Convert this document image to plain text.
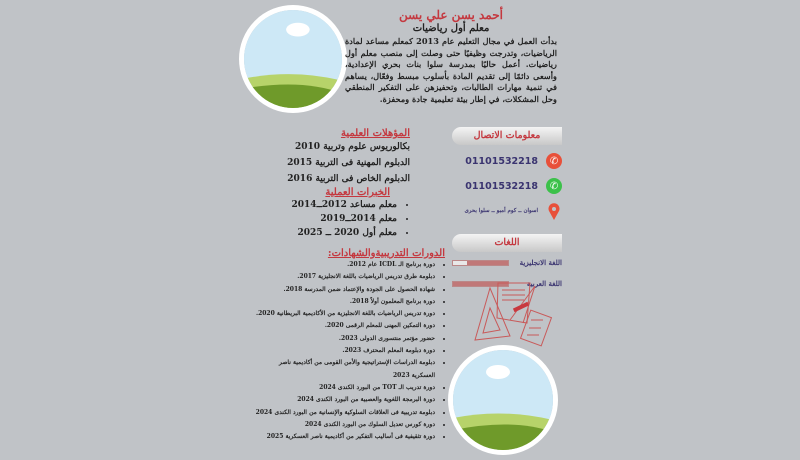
أحمد يسن علي يسن
معلم أول رياضيات
بدأت العمل في مجال التعليم عام 2013 كمعلم مساعد لمادة الرياضيات، وتدرجت وظيفيًا حتى وصلت إلى منصب معلم أول رياضيات. أعمل حاليًا بمدرسة سلوا بنات بحري الإعدادية، وأسعى دائمًا إلى تقديم المادة بأسلوب مبسط وفعّال، يساهم في تنمية مهارات الطالبات، وتحفيزهن على التفكير المنطقي وحل المشكلات، في إطار بيئة تعليمية جادة ومحفزة.
المؤهلات العلمية
بكالوريوس علوم وتربية 2010
الدبلوم المهنية فى التربية 2015
الدبلوم الخاص فى التربية 2016
الخبرات العملية
• معلم مساعد 2012ــ2014
• معلم 2014ــ2019
• معلم أول 2020 ــ 2025
الدورات التدريبيةوالشهادات:
• دورة برنامج الـ ICDL عام 2012.
• دبلومة طرق تدريس الرياضيات باللغة الانجليزية 2017.
• شهادة الحصول على الجودة والإعتماد ضمن المدرسة 2018.
• دورة برنامج المعلمون أولاً 2018.
• دورة تدريس الرياضيات باللغة الانجليزية من الأكاديمية البريطانية 2020.
• دورة التمكين المهنى للمعلم الرقمى 2020.
• حضور مؤتمر منتسورى الدولى 2023.
• دورة دبلومة المعلم المحترف 2023.
• دبلومة الدراسات الإستراتيجية والأمن القومى من أكاديمية ناصر العسكرية 2023
• دورة تدريب الـ TOT من البورد الكندى 2024
• دورة البرمجة اللغوية والعصبية من البورد الكندى 2024
• دبلومة تدريبية فى العلاقات السلوكية والإنسانية من البورد الكندى 2024
• دورة كورس تعديل السلوك من البورد الكندى 2024
• دورة تثقيفية فى أساليب التفكير من أكاديمية ناصر العسكرية 2025
معلومات الاتصال
✆
01101532218
✆
01101532218
اسوان ــ كوم أمبو ــ سلوا بحرى
اللغات
اللغة الانجليزية
اللغة العربية
